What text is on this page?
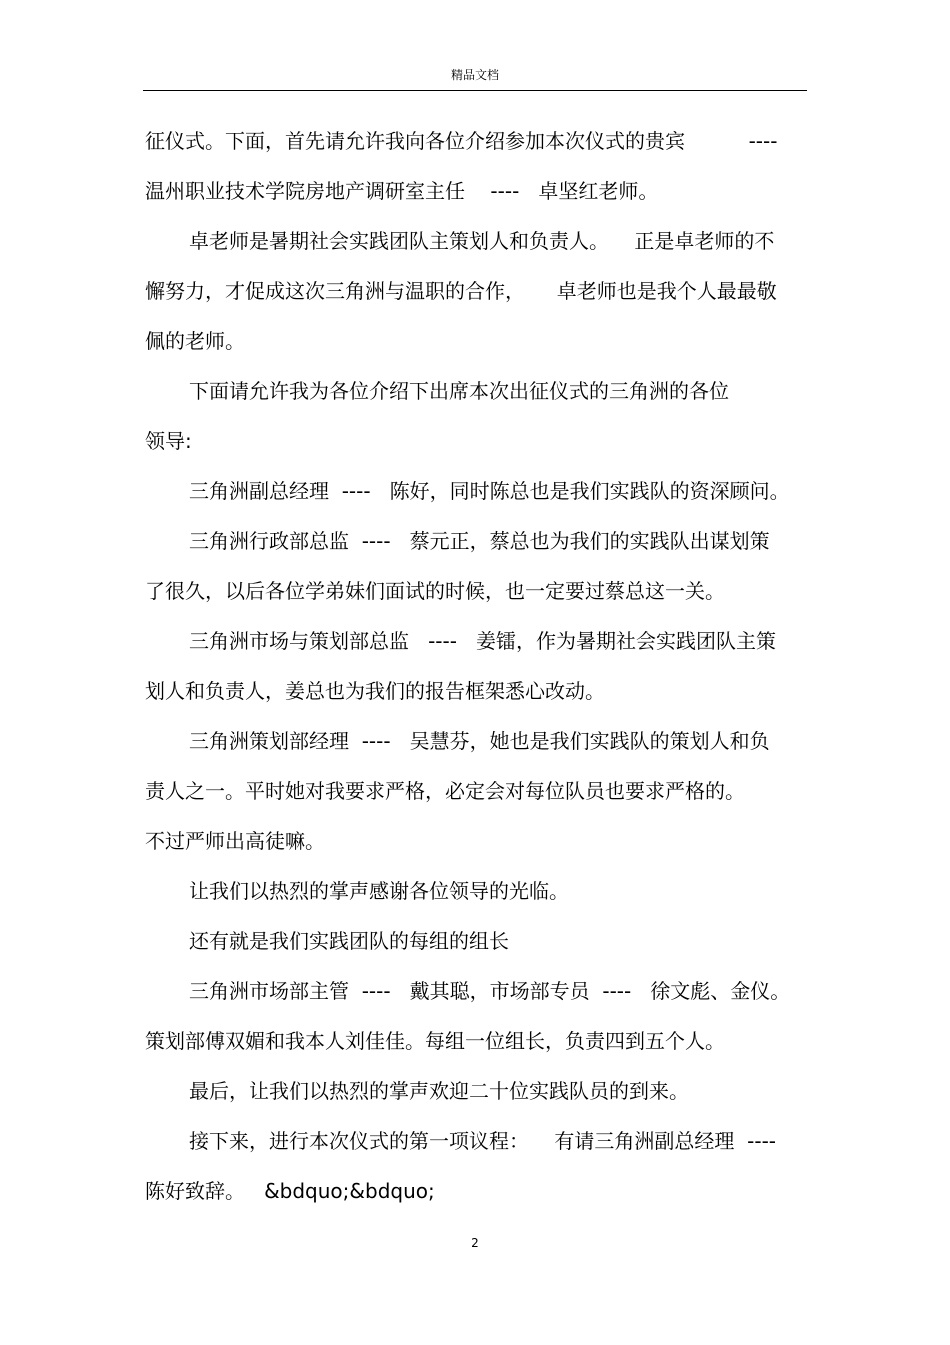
精品文档
征仪式。下面，首先请允许我向各位介绍参加本次仪式的贵宾          ----
温州职业技术学院房地产调研室主任    ----   卓坚红老师。
卓老师是暑期社会实践团队主策划人和负责人。    正是卓老师的不
懈努力，才促成这次三角洲与温职的合作，     卓老师也是我个人最最敬
佩的老师。
下面请允许我为各位介绍下出席本次出征仪式的三角洲的各位
领导:
三角洲副总经理  ----   陈好，同时陈总也是我们实践队的资深顾问。
三角洲行政部总监  ----   蔡元正，蔡总也为我们的实践队出谋划策
了很久，以后各位学弟妹们面试的时候，也一定要过蔡总这一关。
三角洲市场与策划部总监   ----   姜镭，作为暑期社会实践团队主策
划人和负责人，姜总也为我们的报告框架悉心改动。
三角洲策划部经理  ----   吴慧芬，她也是我们实践队的策划人和负
责人之一。平时她对我要求严格，必定会对每位队员也要求严格的。
不过严师出高徒嘛。
让我们以热烈的掌声感谢各位领导的光临。
还有就是我们实践团队的每组的组长
三角洲市场部主管  ----   戴其聪，市场部专员  ----   徐文彪、金仪。
策划部傅双媚和我本人刘佳佳。每组一位组长，负责四到五个人。
最后，让我们以热烈的掌声欢迎二十位实践队员的到来。
接下来，进行本次仪式的第一项议程：    有请三角洲副总经理  ----
陈好致辞。   &bdquo;&bdquo;
2
